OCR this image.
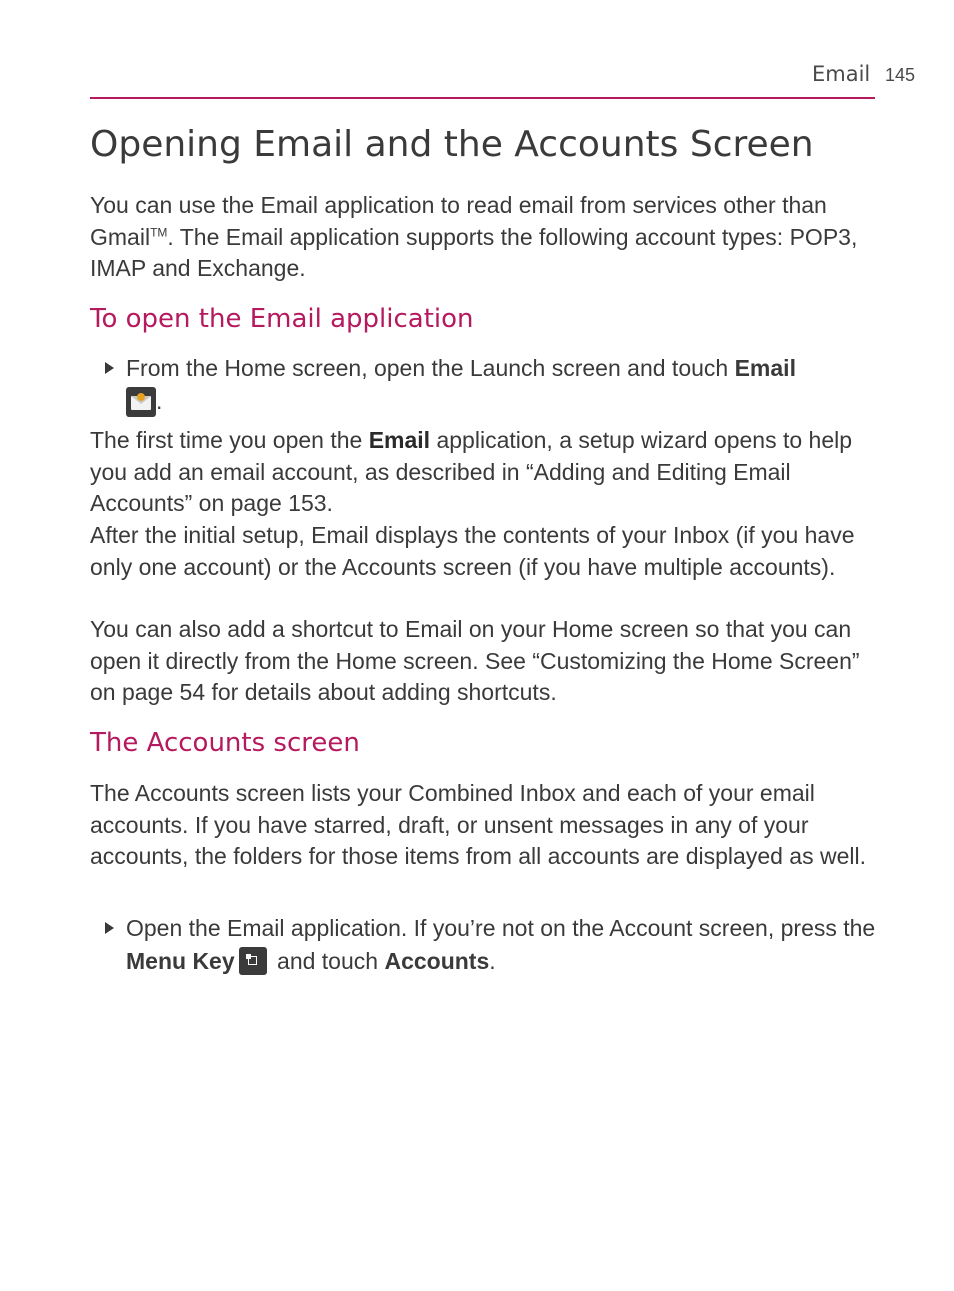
Email 145
Opening Email and the Accounts Screen

You can use the Email application to read email from services other than Gmail™. The Email application supports the following account types: POP3, IMAP and Exchange.

To open the Email application
From the Home screen, open the Launch screen and touch Email

.

The first time you open the Email application, a setup wizard opens to help you add an email account, as described in “Adding and Editing Email Accounts” on page 153.

After the initial setup, Email displays the contents of your Inbox (if you have only one account) or the Accounts screen (if you have multiple accounts).

You can also add a shortcut to Email on your Home screen so that you can open it directly from the Home screen. See “Customizing the Home Screen” on page 54 for details about adding shortcuts.

The Accounts screen

The Accounts screen lists your Combined Inbox and each of your email accounts. If you have starred, draft, or unsent messages in any of your accounts, the folders for those items from all accounts are displayed as well.

Open the Email application. If you’re not on the Account screen, press the Menu Key
and touch Accounts.
